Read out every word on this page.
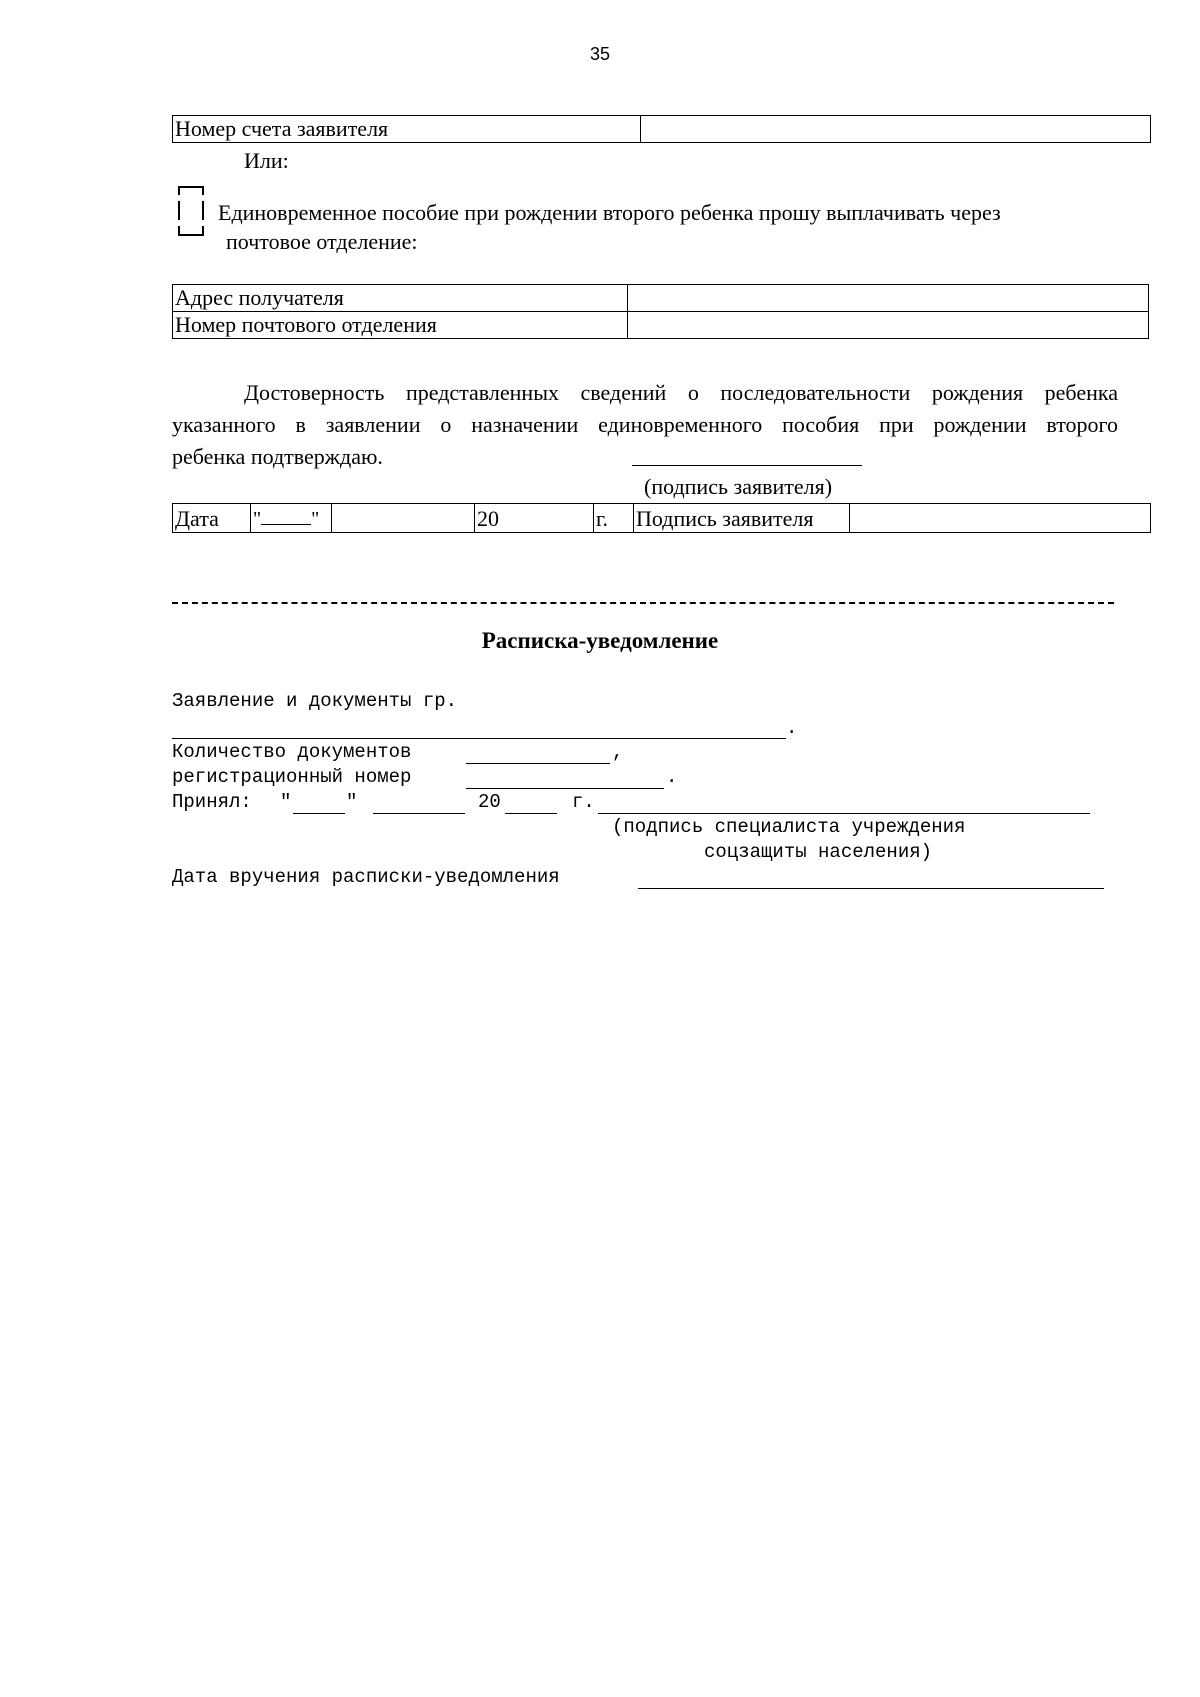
35
Номер счета заявителя	
Или:
Единовременное пособие при рождении второго ребенка прошу выплачивать через
почтовое отделение:
Адрес получателя	
Номер почтового отделения	
Достоверность представленных сведений о последовательности рождения ребенка
указанного в заявлении о назначении единовременного пособия при рождении второго
ребенка подтверждаю.
(подпись заявителя)
Дата	"	"		20	г.	Подпись заявителя	
Расписка-уведомление
Заявление и документы гр.
.
Количество документов	,
регистрационный номер	.
Принял: "	"	20	г.
(подпись специалиста учреждения
соцзащиты населения)
Дата вручения расписки-уведомления
